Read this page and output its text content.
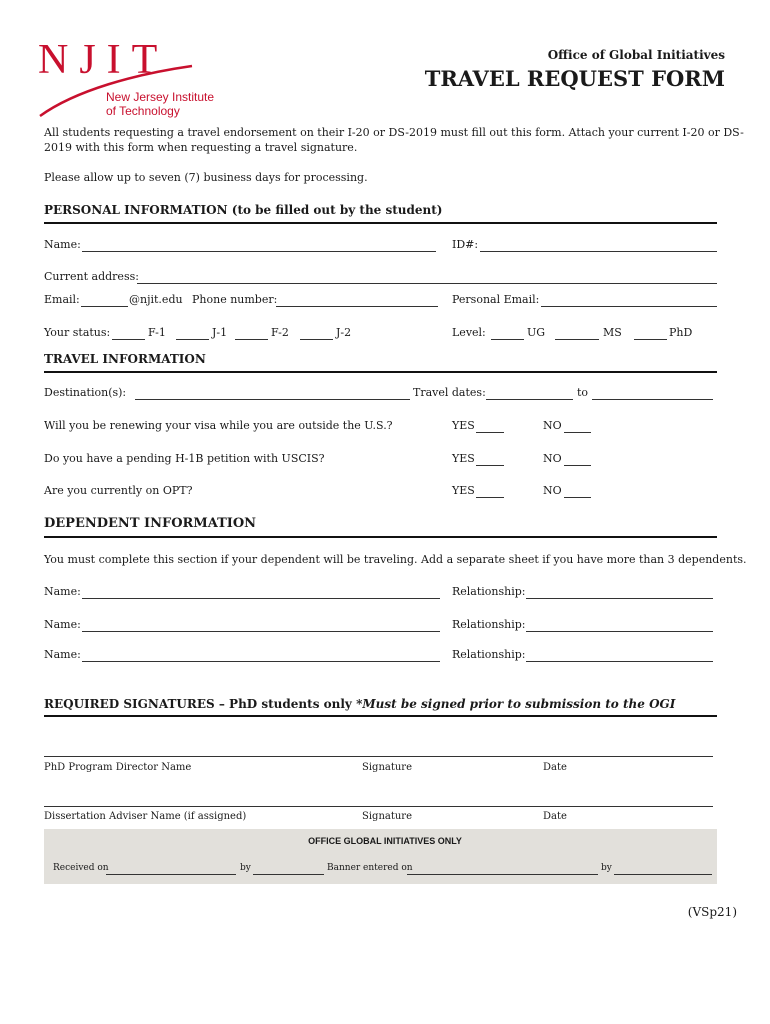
NJIT
New Jersey Institute
of Technology
Office of Global Initiatives
TRAVEL REQUEST FORM
All students requesting a travel endorsement on their I-20 or DS-2019 must fill out this form. Attach your current I-20 or DS-
2019 with this form when requesting a travel signature.
Please allow up to seven (7) business days for processing.
PERSONAL INFORMATION (to be filled out by the student)
Name:	ID#:
Current address:
Email:	@njit.edu Phone number:	Personal Email:
Your status:	F-1	J-1	F-2	J-2	Level:	UG	MS	PhD
TRAVEL INFORMATION
Destination(s):	Travel dates:	to
Will you be renewing your visa while you are outside the U.S.?	YES	NO
Do you have a pending H-1B petition with USCIS?	YES	NO
Are you currently on OPT?	YES	NO
DEPENDENT INFORMATION
You must complete this section if your dependent will be traveling. Add a separate sheet if you have more than 3 dependents.
Name:	Relationship:
Name:	Relationship:
Name:	Relationship:
REQUIRED SIGNATURES – PhD students only *Must be signed prior to submission to the OGI
PhD Program Director Name	Signature	Date
Dissertation Adviser Name (if assigned)	Signature	Date
OFFICE GLOBAL INITIATIVES ONLY
Received on	by	Banner entered on	by
(VSp21)
